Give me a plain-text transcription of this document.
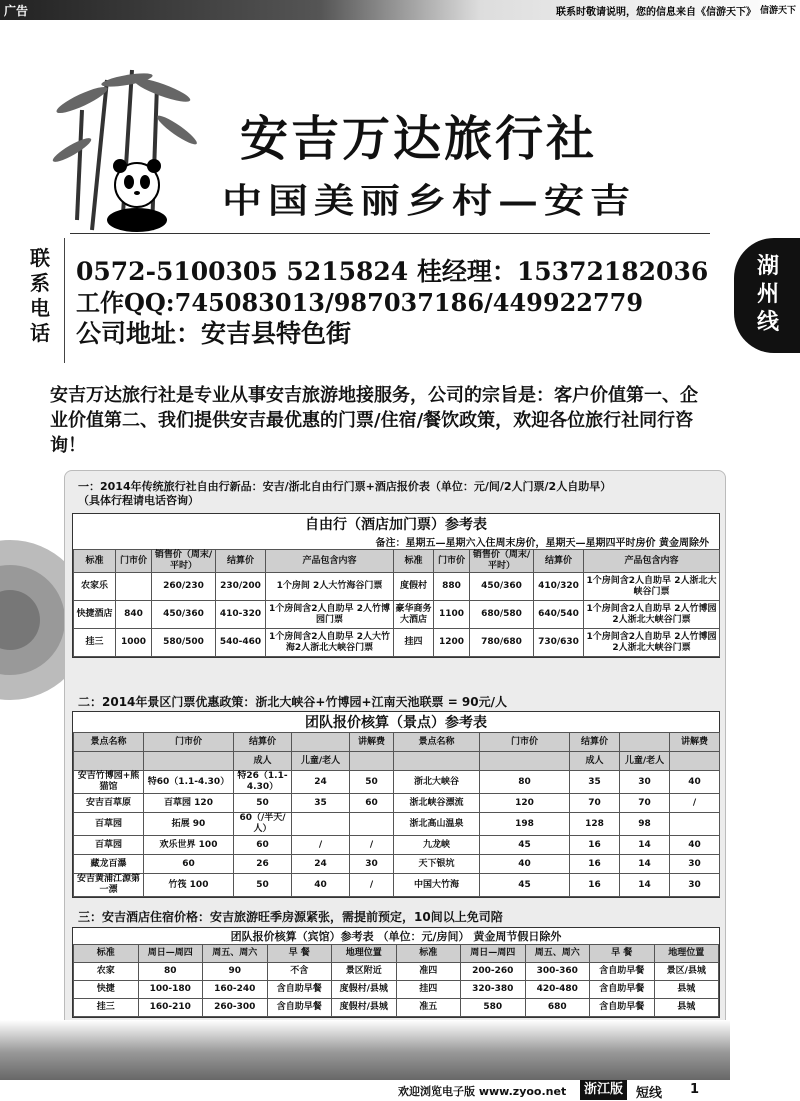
广告	联系时敬请说明，您的信息来自《信游天下》 信游天下
安吉万达旅行社
中国美丽乡村—安吉
联系电话
0572-5100305 5215824 桂经理：15372182036
工作QQ:745083013/987037186/449922779
公司地址：安吉县特色街
安吉万达旅行社是专业从事安吉旅游地接服务，公司的宗旨是：客户价值第一、企业价值第二、我们提供安吉最优惠的门票/住宿/餐饮政策，欢迎各位旅行社同行咨询！
一：2014年传统旅行社自由行新品：安吉/浙北自由行门票+酒店报价表（单位：元/间/2人门票/2人自助早）
（具体行程请电话咨询）
自由行（酒店加门票）参考表
备注：星期五—星期六入住周末房价，星期天—星期四平时房价 黄金周除外
标准	门市价	销售价（周末/平时）	结算价	产品包含内容	标准	门市价	销售价（周末/平时）	结算价	产品包含内容
农家乐		260/230	230/200	1个房间 2人大竹海谷门票	度假村	880	450/360	410/320	1个房间含2人自助早 2人浙北大峡谷门票
快捷酒店	840	450/360	410-320	1个房间含2人自助早 2人竹博园门票	豪华商务大酒店	1100	680/580	640/540	1个房间含2人自助早 2人竹博园2人浙北大峡谷门票
挂三	1000	580/500	540-460	1个房间含2人自助早 2人大竹海2人浙北大峡谷门票	挂四	1200	780/680	730/630	1个房间含2人自助早 2人竹博园2人浙北大峡谷门票
二：2014年景区门票优惠政策：浙北大峡谷+竹博园+江南天池联票 = 90元/人
团队报价核算（景点）参考表
景点名称	门市价	结算价		讲解费	景点名称	门市价	结算价		讲解费
		成人	儿童/老人				成人	儿童/老人	
安吉竹博园+熊猫馆	特60（1.1-4.30）	特26（1.1-4.30）	24	50	浙北大峡谷	80	35	30	40
安吉百草原	百草园 120	50	35	60	浙北峡谷漂流	120	70	70	/
百草园	拓展 90	60（/半天/人）			浙北高山温泉	198	128	98	
百草园	欢乐世界 100	60	/	/	九龙峡	45	16	14	40
藏龙百瀑	60	26	24	30	天下银坑	40	16	14	30
安吉黄浦江源第一漂	竹筏 100	50	40	/	中国大竹海	45	16	14	30
三：安吉酒店住宿价格：安吉旅游旺季房源紧张，需提前预定，10间以上免司陪
团队报价核算（宾馆）参考表 （单位：元/房间） 黄金周节假日除外
标准	周日—周四	周五、周六	早 餐	地理位置	标准	周日—周四	周五、周六	早 餐	地理位置
农家	80	90	不含	景区附近	准四	200-260	300-360	含自助早餐	景区/县城
快捷	100-180	160-240	含自助早餐	度假村/县城	挂四	320-380	420-480	含自助早餐	县城
挂三	160-210	260-300	含自助早餐	度假村/县城	准五	580	680	含自助早餐	县城
湖州线
欢迎浏览电子版 www.zyoo.net	浙江版 短线 1
